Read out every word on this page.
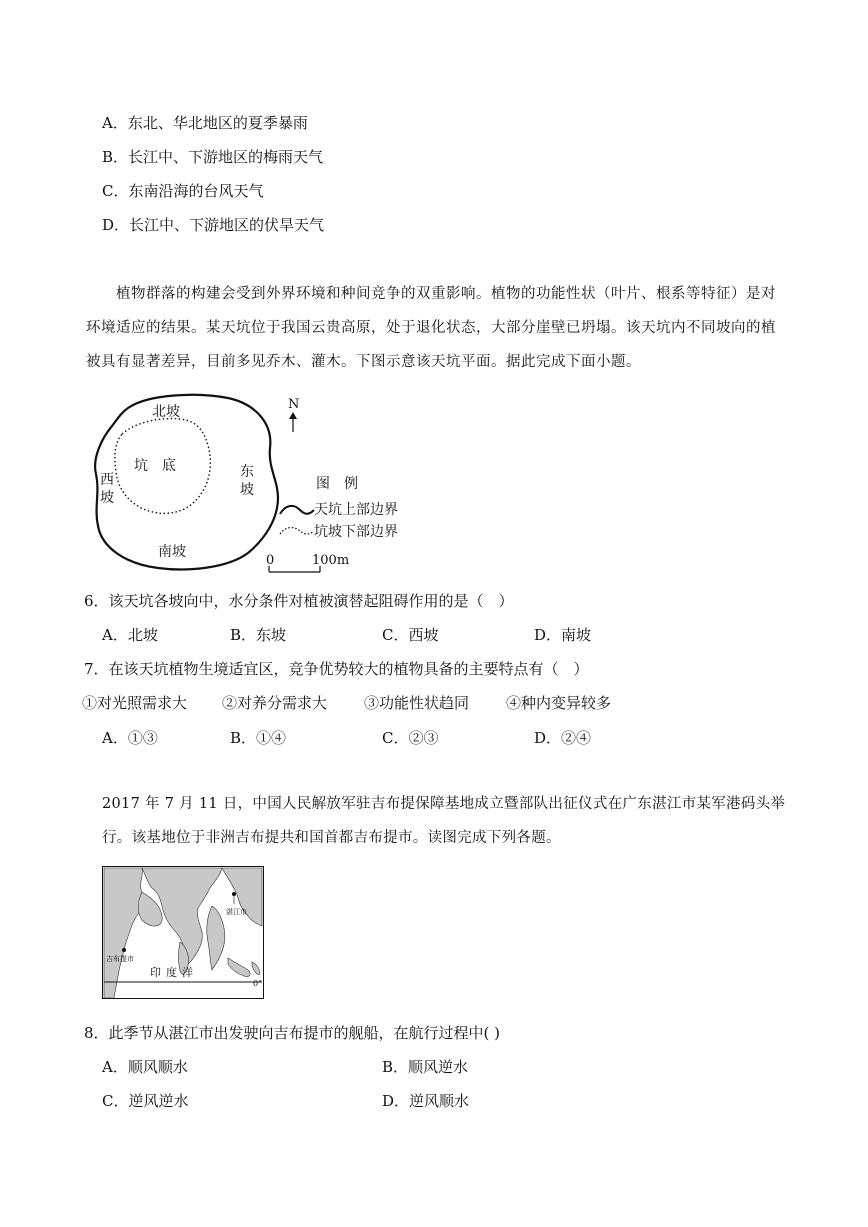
A．东北、华北地区的夏季暴雨
B．长江中、下游地区的梅雨天气
C．东南沿海的台风天气
D．长江中、下游地区的伏旱天气
植物群落的构建会受到外界环境和种间竞争的双重影响。植物的功能性状（叶片、根系等特征）是对环境适应的结果。某天坑位于我国云贵高原，处于退化状态，大部分崖壁已坍塌。该天坑内不同坡向的植被具有显著差异，目前多见乔木、灌木。下图示意该天坑平面。据此完成下面小题。
北坡
坑　底
西
坡
东
坡
南坡
N
图　例
天坑上部边界
坑坡下部边界
0	100m
6．该天坑各坡向中，水分条件对植被演替起阻碍作用的是（　）
A．北坡	B．东坡	C．西坡	D．南坡
7．在该天坑植物生境适宜区，竞争优势较大的植物具备的主要特点有（　）
①对光照需求大 ②对养分需求大 ③功能性状趋同 ④种内变异较多
A．①③	B．①④	C．②③	D．②④
2017 年 7 月 11 日，中国人民解放军驻吉布提保障基地成立暨部队出征仪式在广东湛江市某军港码头举行。该基地位于非洲吉布提共和国首都吉布提市。读图完成下列各题。
0°
吉布提市
湛江市
印 度 洋
8．此季节从湛江市出发驶向吉布提市的舰船，在航行过程中( )
A．顺风顺水	B．顺风逆水
C．逆风逆水	D．逆风顺水
